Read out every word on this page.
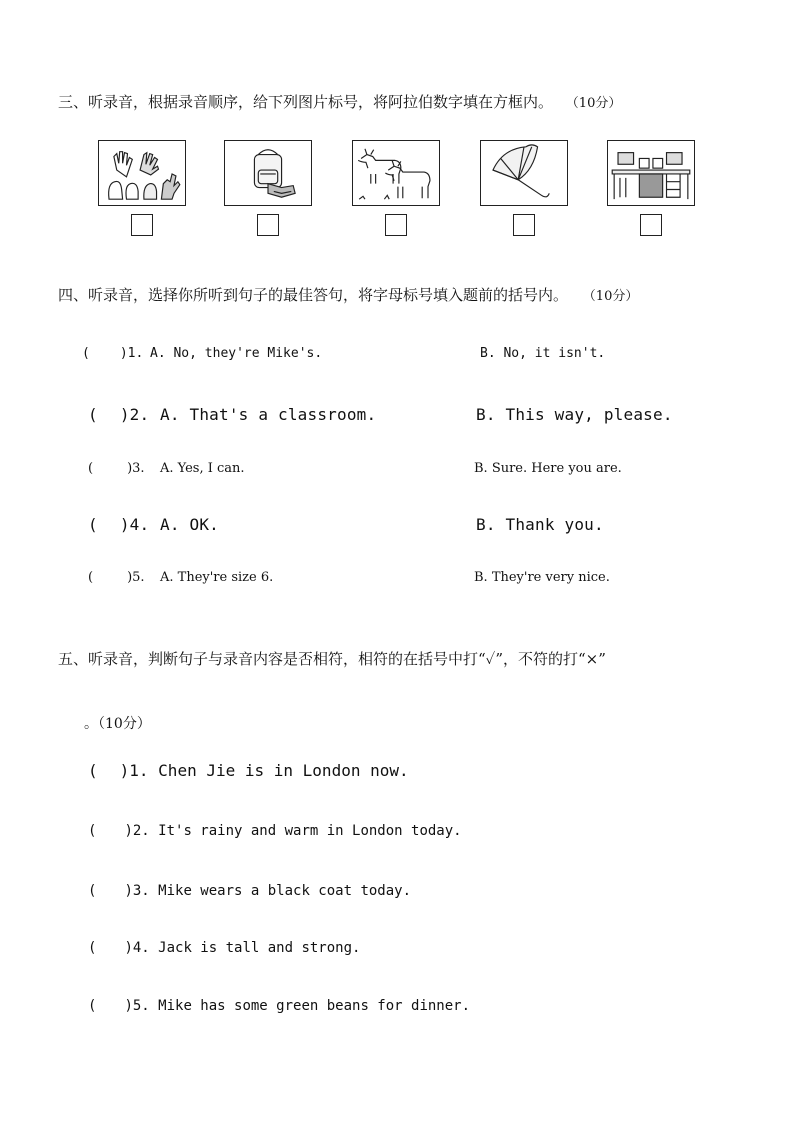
三、听录音，根据录音顺序，给下列图片标号，将阿拉伯数字填在方框内。 （10分）
四、听录音，选择你所听到句子的最佳答句，将字母标号填入题前的括号内。 （10分）
( )1. A. No, they're Mike's.	B. No, it isn't.
( )2. A. That's a classroom.	B. This way, please.
(	)3. A. Yes, I can.	B. Sure. Here you are.
( )4. A. OK.	B. Thank you.
(	)5. A. They're size 6.	B. They're very nice.
五、听录音，判断句子与录音内容是否相符，相符的在括号中打“✓”，不符的打“×”
。（10分）
( )1. Chen Jie is in London now.
( )2. It's rainy and warm in London today.
( )3. Mike wears a black coat today.
( )4. Jack is tall and strong.
( )5. Mike has some green beans for dinner.
